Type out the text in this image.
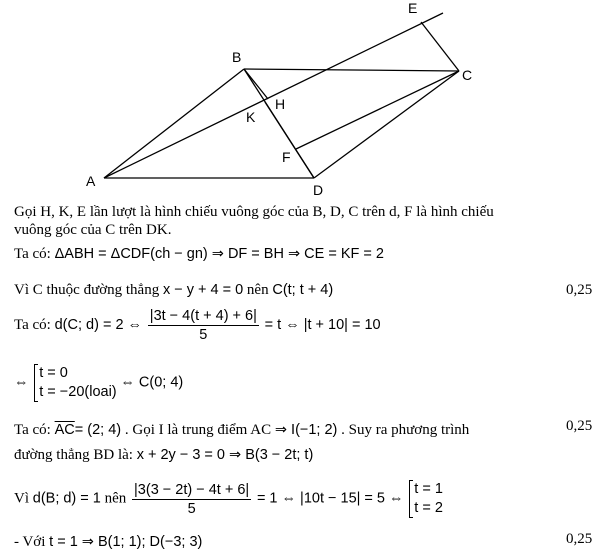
A
B
C
D
E
F
H
K
Gọi H, K, E lần lượt là hình chiếu vuông góc của B, D, C trên d, F là hình chiếu
vuông góc của C trên DK.
Ta có: ΔABH = ΔCDF(ch − gn) ⇒ DF = BH ⇒ CE = KF = 2
Vì C thuộc đường thẳng x − y + 4 = 0 nên C(t; t + 4)	0,25
Ta có: d(C; d) = 2 ⇔ $\frac{|3t - 4(t + 4) + 6|}{5} = t$ ⇔ |t + 10| = 10
⇔
t = 0
t = −20(loai)
⇔ C(0; 4)
Ta có: $\overline{AC}= (2$; 4) . Gọi I là trung điểm AC ⇒ I(−1; 2) . Suy ra phương trình	0,25
đường thẳng BD là: x + 2y − 3 = 0 ⇒ B(3 − 2t; t)
Vì d(B; d) = 1 nên $\frac{|3(3 - 2t) - 4t + 6|}{5} = 1$ ⇔ |10t − 15| = 5 ⇔
t = 1
t = 2
- Với t = 1 ⇒ B(1; 1); D(−3; 3)	0,25
